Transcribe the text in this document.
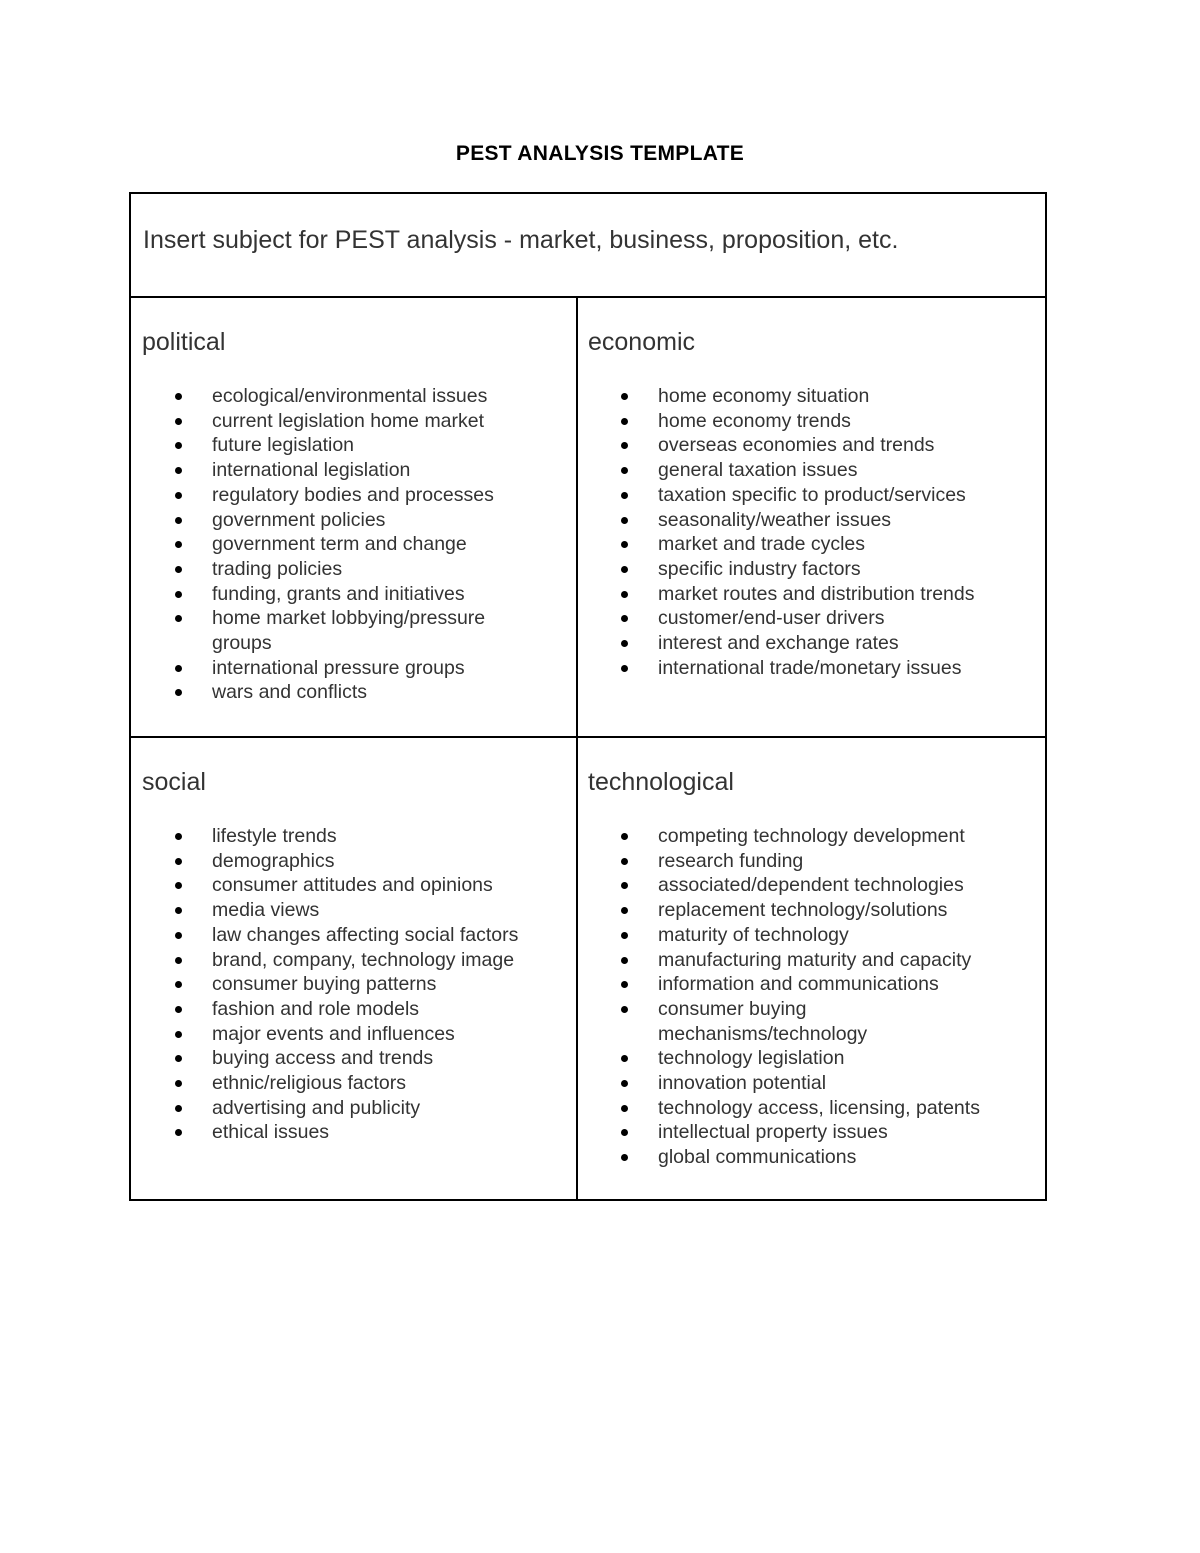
PEST ANALYSIS TEMPLATE
Insert subject for PEST analysis - market, business, proposition, etc.
political
ecological/environmental issues
current legislation home market
future legislation
international legislation
regulatory bodies and processes
government policies
government term and change
trading policies
funding, grants and initiatives
home market lobbying/pressure groups
international pressure groups
wars and conflicts
economic
home economy situation
home economy trends
overseas economies and trends
general taxation issues
taxation specific to product/services
seasonality/weather issues
market and trade cycles
specific industry factors
market routes and distribution trends
customer/end-user drivers
interest and exchange rates
international trade/monetary issues
social
lifestyle trends
demographics
consumer attitudes and opinions
media views
law changes affecting social factors
brand, company, technology image
consumer buying patterns
fashion and role models
major events and influences
buying access and trends
ethnic/religious factors
advertising and publicity
ethical issues
technological
competing technology development
research funding
associated/dependent technologies
replacement technology/solutions
maturity of technology
manufacturing maturity and capacity
information and communications
consumer buying mechanisms/technology
technology legislation
innovation potential
technology access, licensing, patents
intellectual property issues
global communications
